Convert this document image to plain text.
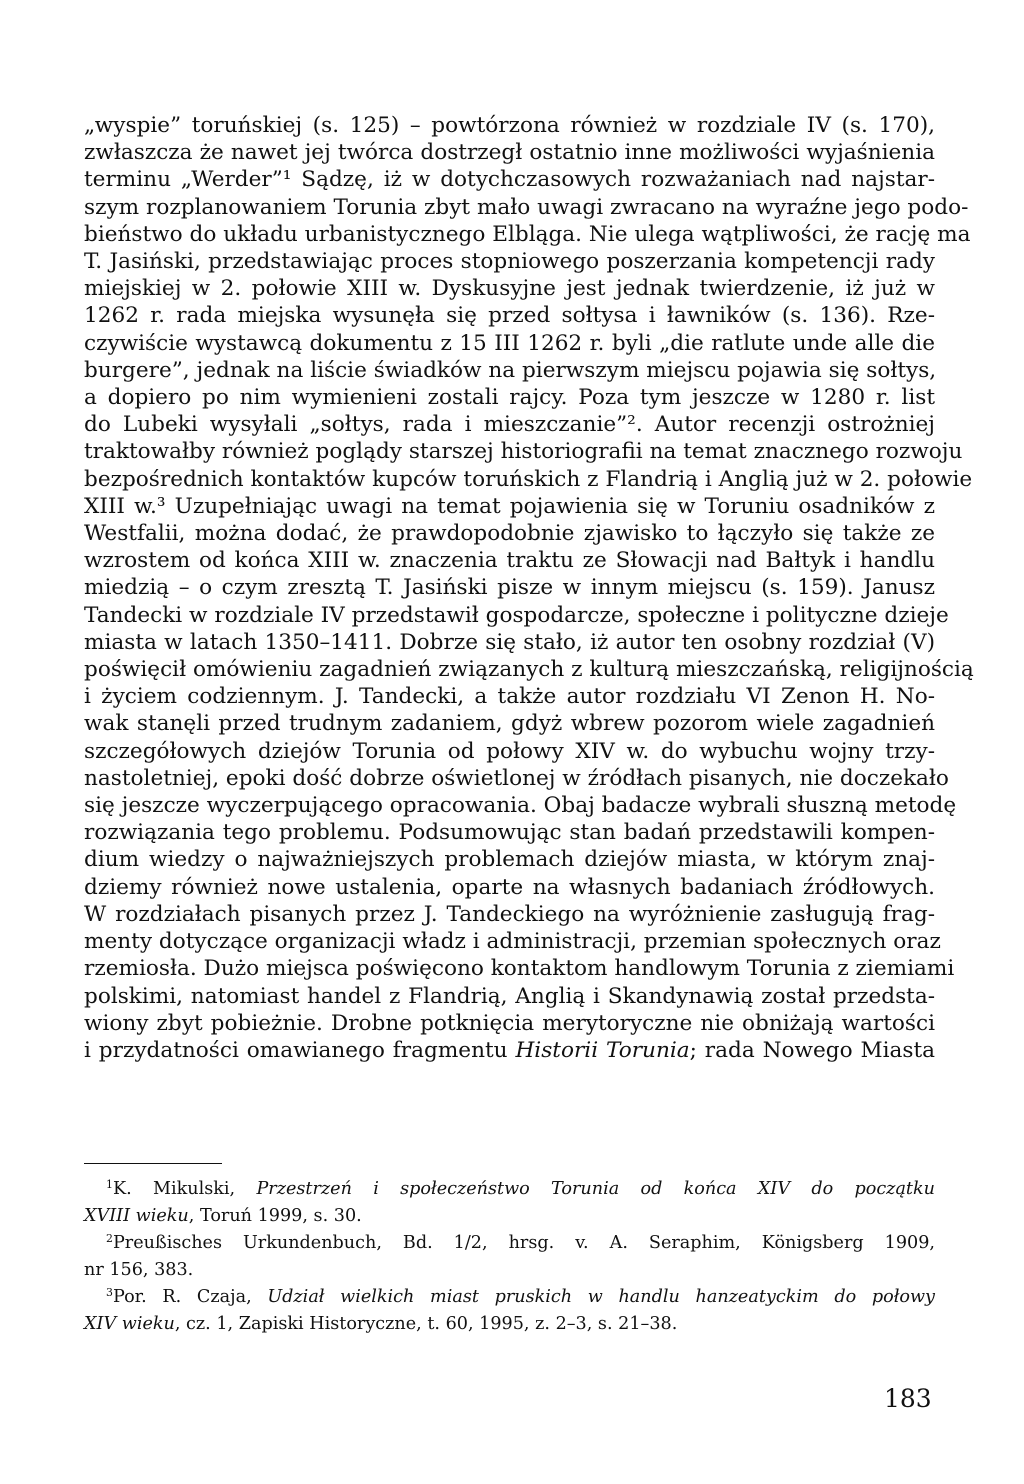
„wyspie” toruńskiej (s. 125) – powtórzona również w rozdziale IV (s. 170),
zwłaszcza że nawet jej twórca dostrzegł ostatnio inne możliwości wyjaśnienia
terminu „Werder”¹ Sądzę, iż w dotychczasowych rozważaniach nad najstar-
szym rozplanowaniem Torunia zbyt mało uwagi zwracano na wyraźne jego podo-
bieństwo do układu urbanistycznego Elbląga. Nie ulega wątpliwości, że rację ma
T. Jasiński, przedstawiając proces stopniowego poszerzania kompetencji rady
miejskiej w 2. połowie XIII w. Dyskusyjne jest jednak twierdzenie, iż już w
1262 r. rada miejska wysunęła się przed sołtysa i ławników (s. 136). Rze-
czywiście wystawcą dokumentu z 15 III 1262 r. byli „die ratlute unde alle die
burgere”, jednak na liście świadków na pierwszym miejscu pojawia się sołtys,
a dopiero po nim wymienieni zostali rajcy. Poza tym jeszcze w 1280 r. list
do Lubeki wysyłali „sołtys, rada i mieszczanie”². Autor recenzji ostrożniej
traktowałby również poglądy starszej historiografii na temat znacznego rozwoju
bezpośrednich kontaktów kupców toruńskich z Flandrią i Anglią już w 2. połowie
XIII w.³ Uzupełniając uwagi na temat pojawienia się w Toruniu osadników z
Westfalii, można dodać, że prawdopodobnie zjawisko to łączyło się także ze
wzrostem od końca XIII w. znaczenia traktu ze Słowacji nad Bałtyk i handlu
miedzią – o czym zresztą T. Jasiński pisze w innym miejscu (s. 159). Janusz
Tandecki w rozdziale IV przedstawił gospodarcze, społeczne i polityczne dzieje
miasta w latach 1350–1411. Dobrze się stało, iż autor ten osobny rozdział (V)
poświęcił omówieniu zagadnień związanych z kulturą mieszczańską, religijnością
i życiem codziennym. J. Tandecki, a także autor rozdziału VI Zenon H. No-
wak stanęli przed trudnym zadaniem, gdyż wbrew pozorom wiele zagadnień
szczegółowych dziejów Torunia od połowy XIV w. do wybuchu wojny trzy-
nastoletniej, epoki dość dobrze oświetlonej w źródłach pisanych, nie doczekało
się jeszcze wyczerpującego opracowania. Obaj badacze wybrali słuszną metodę
rozwiązania tego problemu. Podsumowując stan badań przedstawili kompen-
dium wiedzy o najważniejszych problemach dziejów miasta, w którym znaj-
dziemy również nowe ustalenia, oparte na własnych badaniach źródłowych.
W rozdziałach pisanych przez J. Tandeckiego na wyróżnienie zasługują frag-
menty dotyczące organizacji władz i administracji, przemian społecznych oraz
rzemiosła. Dużo miejsca poświęcono kontaktom handlowym Torunia z ziemiami
polskimi, natomiast handel z Flandrią, Anglią i Skandynawią został przedsta-
wiony zbyt pobieżnie. Drobne potknięcia merytoryczne nie obniżają wartości
i przydatności omawianego fragmentu Historii Torunia; rada Nowego Miasta

$^1$K. Mikulski, Przestrzeń i społeczeństwo Torunia od końca XIV do początku
XVIII wieku, Toruń 1999, s. 30.
$^2$Preußisches Urkundenbuch, Bd. 1/2, hrsg. v. A. Seraphim, Königsberg 1909,
nr 156, 383.
$^3$Por. R. Czaja, Udział wielkich miast pruskich w handlu hanzeatyckim do połowy
XIV wieku, cz. 1, Zapiski Historyczne, t. 60, 1995, z. 2–3, s. 21–38.
183
